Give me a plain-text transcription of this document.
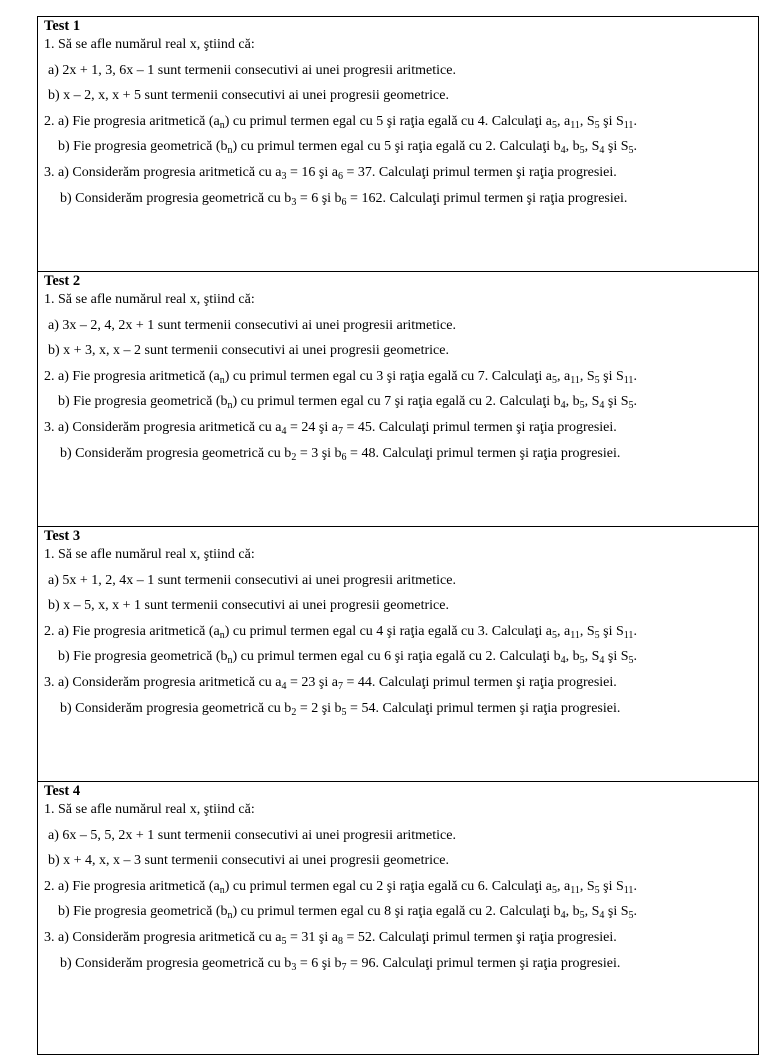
Test 1
1. Să se afle numărul real x, ştiind că:
a) 2x + 1, 3, 6x – 1 sunt termenii consecutivi ai unei progresii aritmetice.
b) x – 2, x, x + 5 sunt termenii consecutivi ai unei progresii geometrice.
2. a) Fie progresia aritmetică $(a_n)$ cu primul termen egal cu 5 şi raţia egală cu 4. Calculaţi $a_5$, $a_{11}$, $S_5$ şi $S_{11}$.
b) Fie progresia geometrică $(b_n)$ cu primul termen egal cu 5 şi raţia egală cu 2. Calculaţi $b_4$, $b_5$, $S_4$ şi $S_5$.
3. a) Considerăm progresia aritmetică cu $a_3 = 16$ şi $a_6 = 37$. Calculaţi primul termen şi raţia progresiei.
b) Considerăm progresia geometrică cu $b_3 = 6$ şi $b_6 = 162$. Calculaţi primul termen şi raţia progresiei.
Test 2
1. Să se afle numărul real x, ştiind că:
a) 3x – 2, 4, 2x + 1 sunt termenii consecutivi ai unei progresii aritmetice.
b) x + 3, x, x – 2 sunt termenii consecutivi ai unei progresii geometrice.
2. a) Fie progresia aritmetică $(a_n)$ cu primul termen egal cu 3 şi raţia egală cu 7. Calculaţi $a_5$, $a_{11}$, $S_5$ şi $S_{11}$.
b) Fie progresia geometrică $(b_n)$ cu primul termen egal cu 7 şi raţia egală cu 2. Calculaţi $b_4$, $b_5$, $S_4$ şi $S_5$.
3. a) Considerăm progresia aritmetică cu $a_4 = 24$ şi $a_7 = 45$. Calculaţi primul termen şi raţia progresiei.
b) Considerăm progresia geometrică cu $b_2 = 3$ şi $b_6 = 48$. Calculaţi primul termen şi raţia progresiei.
Test 3
1. Să se afle numărul real x, ştiind că:
a) 5x + 1, 2, 4x – 1 sunt termenii consecutivi ai unei progresii aritmetice.
b) x – 5, x, x + 1 sunt termenii consecutivi ai unei progresii geometrice.
2. a) Fie progresia aritmetică $(a_n)$ cu primul termen egal cu 4 şi raţia egală cu 3. Calculaţi $a_5$, $a_{11}$, $S_5$ şi $S_{11}$.
b) Fie progresia geometrică $(b_n)$ cu primul termen egal cu 6 şi raţia egală cu 2. Calculaţi $b_4$, $b_5$, $S_4$ şi $S_5$.
3. a) Considerăm progresia aritmetică cu $a_4 = 23$ şi $a_7 = 44$. Calculaţi primul termen şi raţia progresiei.
b) Considerăm progresia geometrică cu $b_2 = 2$ şi $b_5 = 54$. Calculaţi primul termen şi raţia progresiei.
Test 4
1. Să se afle numărul real x, ştiind că:
a) 6x – 5, 5, 2x + 1 sunt termenii consecutivi ai unei progresii aritmetice.
b) x + 4, x, x – 3 sunt termenii consecutivi ai unei progresii geometrice.
2. a) Fie progresia aritmetică $(a_n)$ cu primul termen egal cu 2 şi raţia egală cu 6. Calculaţi $a_5$, $a_{11}$, $S_5$ şi $S_{11}$.
b) Fie progresia geometrică $(b_n)$ cu primul termen egal cu 8 şi raţia egală cu 2. Calculaţi $b_4$, $b_5$, $S_4$ şi $S_5$.
3. a) Considerăm progresia aritmetică cu $a_5 = 31$ şi $a_8 = 52$. Calculaţi primul termen şi raţia progresiei.
b) Considerăm progresia geometrică cu $b_3 = 6$ şi $b_7 = 96$. Calculaţi primul termen şi raţia progresiei.
